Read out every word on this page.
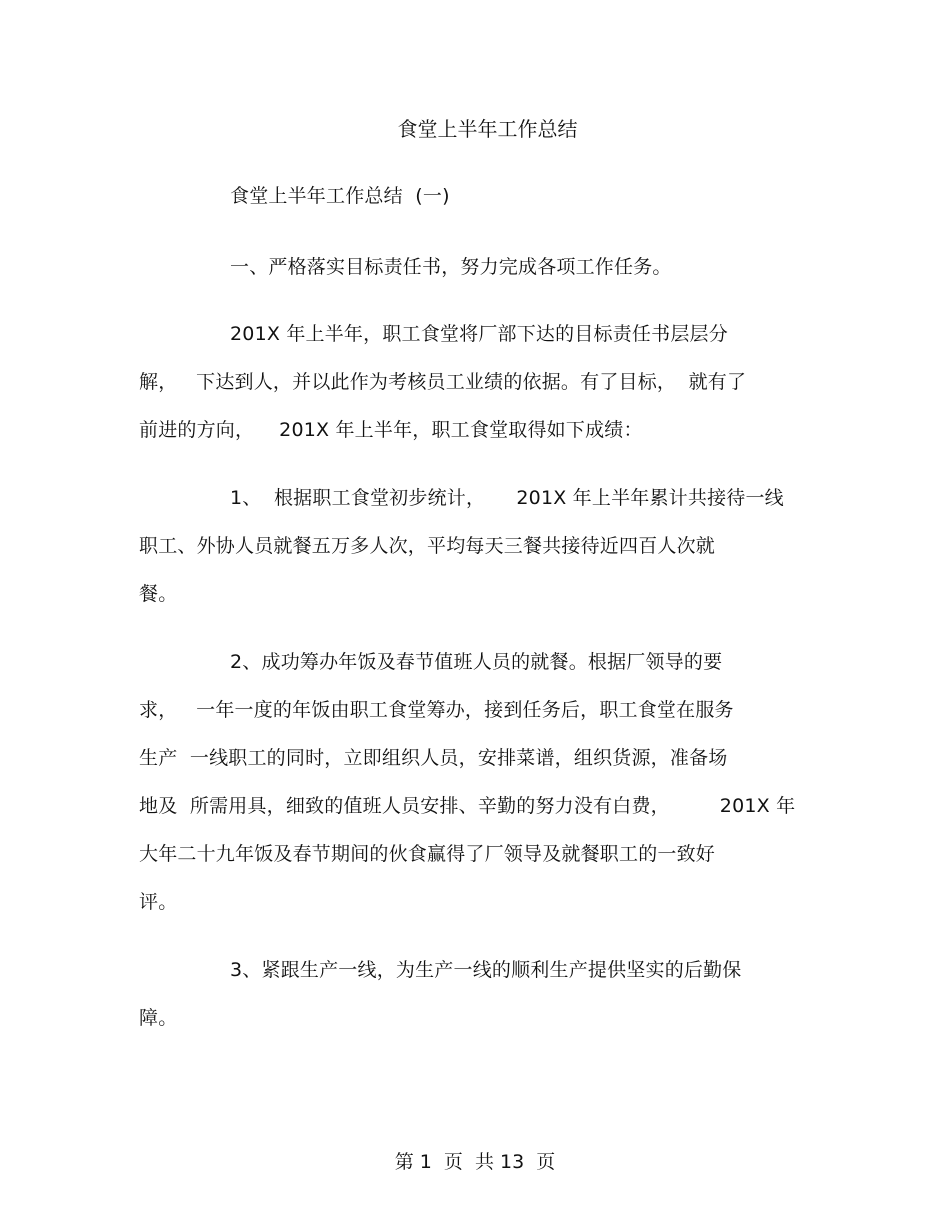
食堂上半年工作总结
食堂上半年工作总结  (一)
一、严格落实目标责任书，努力完成各项工作任务。
201X 年上半年，职工食堂将厂部下达的目标责任书层层分
解，   下达到人，并以此作为考核员工业绩的依据。有了目标，  就有了
前进的方向，    201X 年上半年，职工食堂取得如下成绩：
1、  根据职工食堂初步统计，     201X 年上半年累计共接待一线
职工、外协人员就餐五万多人次，平均每天三餐共接待近四百人次就
餐。
2、成功筹办年饭及春节值班人员的就餐。根据厂领导的要
求，   一年一度的年饭由职工食堂筹办，接到任务后，职工食堂在服务
生产  一线职工的同时，立即组织人员，安排菜谱，组织货源，准备场
地及  所需用具，细致的值班人员安排、辛勤的努力没有白费，        201X 年
大年二十九年饭及春节期间的伙食赢得了厂领导及就餐职工的一致好
评。
3、紧跟生产一线，为生产一线的顺利生产提供坚实的后勤保
障。
第 1  页  共 13  页
